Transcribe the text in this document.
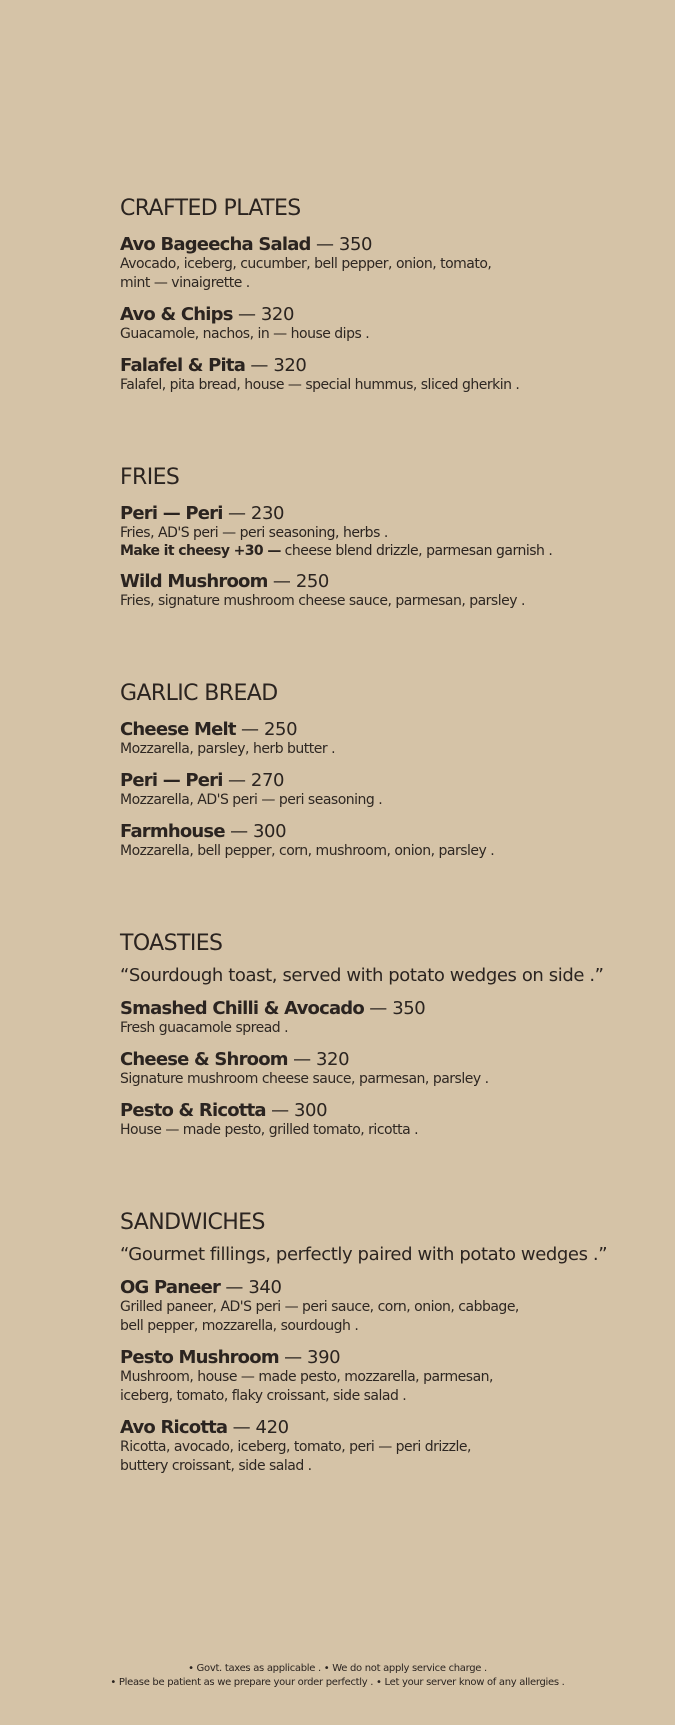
CRAFTED PLATES
Avo Bageecha Salad — 350
Avocado, iceberg, cucumber, bell pepper, onion, tomato,
mint — vinaigrette .
Avo & Chips — 320
Guacamole, nachos, in — house dips .
Falafel & Pita — 320
Falafel, pita bread, house — special hummus, sliced gherkin .
FRIES
Peri — Peri — 230
Fries, AD'S peri — peri seasoning, herbs .
Make it cheesy +30 — cheese blend drizzle, parmesan garnish .
Wild Mushroom — 250
Fries, signature mushroom cheese sauce, parmesan, parsley .
GARLIC BREAD
Cheese Melt — 250
Mozzarella, parsley, herb butter .
Peri — Peri — 270
Mozzarella, AD'S peri — peri seasoning .
Farmhouse — 300
Mozzarella, bell pepper, corn, mushroom, onion, parsley .
TOASTIES
“Sourdough toast, served with potato wedges on side .”
Smashed Chilli & Avocado — 350
Fresh guacamole spread .
Cheese & Shroom — 320
Signature mushroom cheese sauce, parmesan, parsley .
Pesto & Ricotta — 300
House — made pesto, grilled tomato, ricotta .
SANDWICHES
“Gourmet fillings, perfectly paired with potato wedges .”
OG Paneer — 340
Grilled paneer, AD'S peri — peri sauce, corn, onion, cabbage,
bell pepper, mozzarella, sourdough .
Pesto Mushroom — 390
Mushroom, house — made pesto, mozzarella, parmesan,
iceberg, tomato, flaky croissant, side salad .
Avo Ricotta — 420
Ricotta, avocado, iceberg, tomato, peri — peri drizzle,
buttery croissant, side salad .
• Govt. taxes as applicable . • We do not apply service charge .
• Please be patient as we prepare your order perfectly . • Let your server know of any allergies .
